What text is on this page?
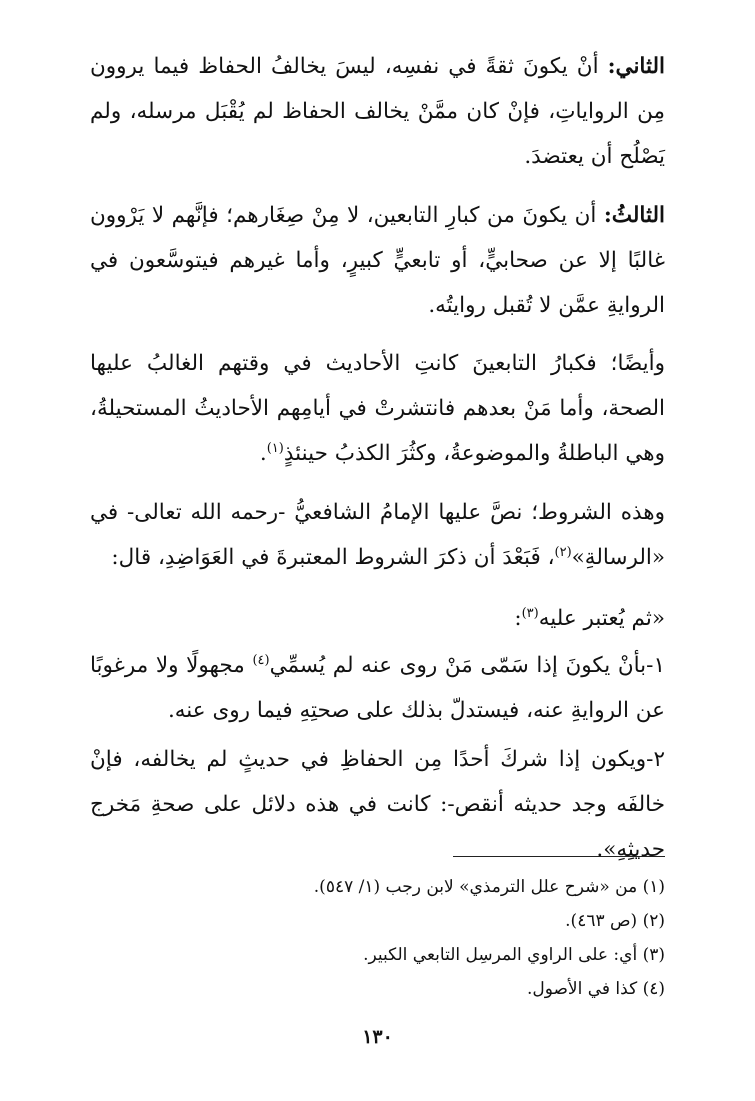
الثاني: أنْ يكونَ ثقةً في نفسِه، ليسَ يخالفُ الحفاظ فيما يروون مِن الرواياتِ، فإنْ كان ممَّنْ يخالف الحفاظ لم يُقْبَل مرسله، ولم يَصْلُح أن يعتضدَ.
الثالثُ: أن يكونَ من كبارِ التابعين، لا مِنْ صِغَارهم؛ فإنَّهم لا يَرْوون غالبًا إلا عن صحابيٍّ، أو تابعيٍّ كبيرٍ، وأما غيرهم فيتوسَّعون في الروايةِ عمَّن لا تُقبل روايتُه.
وأيضًا؛ فكبارُ التابعينَ كانتِ الأحاديث في وقتهم الغالبُ عليها الصحة، وأما مَنْ بعدهم فانتشرتْ في أيامِهم الأحاديثُ المستحيلةُ، وهي الباطلةُ والموضوعةُ، وكثُرَ الكذبُ حينئذٍ$^{(١)}$.
وهذه الشروط؛ نصَّ عليها الإمامُ الشافعيُّ -رحمه الله تعالى- في «الرسالةِ»$^{(٢)}$، فَبَعْدَ أن ذكرَ الشروط المعتبرةَ في العَوَاضِدِ، قال:
«ثم يُعتبر عليه$^{(٣)}$:
١-بأنْ يكونَ إذا سَمّى مَنْ روى عنه لم يُسمِّي$^{(٤)}$ مجهولًا ولا مرغوبًا عن الروايةِ عنه، فيستدلّ بذلك على صحتِهِ فيما روى عنه.
٢-ويكون إذا شركَ أحدًا مِن الحفاظِ في حديثٍ لم يخالفه، فإنْ خالفَه وجد حديثه أنقص-: كانت في هذه دلائل على صحةِ مَخرج حديثِهِ».
(١) من «شرح علل الترمذي» لابن رجب (١/ ٥٤٧).
(٢) (ص ٤٦٣).
(٣) أي: على الراوي المرسِل التابعي الكبير.
(٤) كذا في الأصول.
١٣٠
